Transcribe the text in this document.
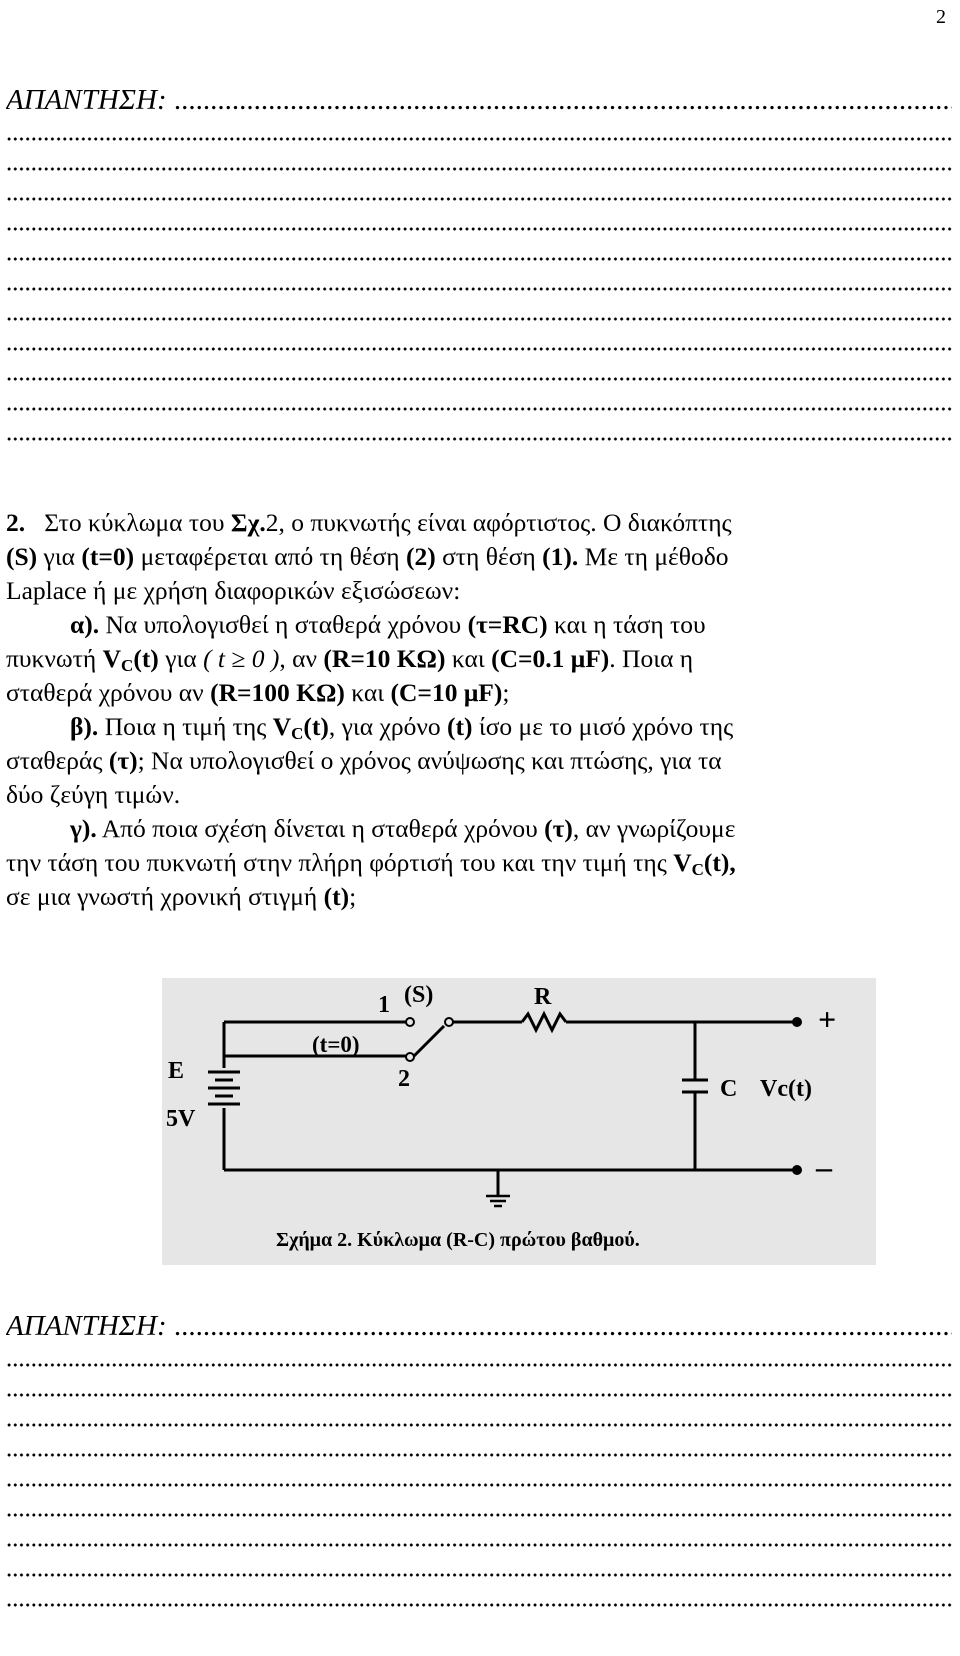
2
ΑΠΑΝΤΗΣΗ: .....
2. Στο κύκλωμα του Σχ.2, ο πυκνωτής είναι αφόρτιστος. Ο διακόπτης
(S) για (t=0) μεταφέρεται από τη θέση (2) στη θέση (1). Με τη μέθοδο
Laplace ή με χρήση διαφορικών εξισώσεων:
α). Να υπολογισθεί η σταθερά χρόνου (τ=RC) και η τάση του
πυκνωτή $V_C(t)$ για ( t ≥ 0 ), αν (R=10 KΩ) και (C=0.1 μF). Ποια η
σταθερά χρόνου αν (R=100 KΩ) και (C=10 μF);
β). Ποια η τιμή της $V_C(t)$, για χρόνο (t) ίσο με το μισό χρόνο της
σταθεράς (τ); Να υπολογισθεί ο χρόνος ανύψωσης και πτώσης, για τα
δύο ζεύγη τιμών.
γ). Από ποια σχέση δίνεται η σταθερά χρόνου (τ), αν γνωρίζουμε
την τάση του πυκνωτή στην πλήρη φόρτισή του και την τιμή της $V_C(t)$,
σε μια γνωστή χρονική στιγμή (t);
E
5V
1 (S)
(t=0)
2
R
C Vc(t)
+
–
Σχήμα 2. Κύκλωμα (R-C) πρώτου βαθμού.
ΑΠΑΝΤΗΣΗ: .....
